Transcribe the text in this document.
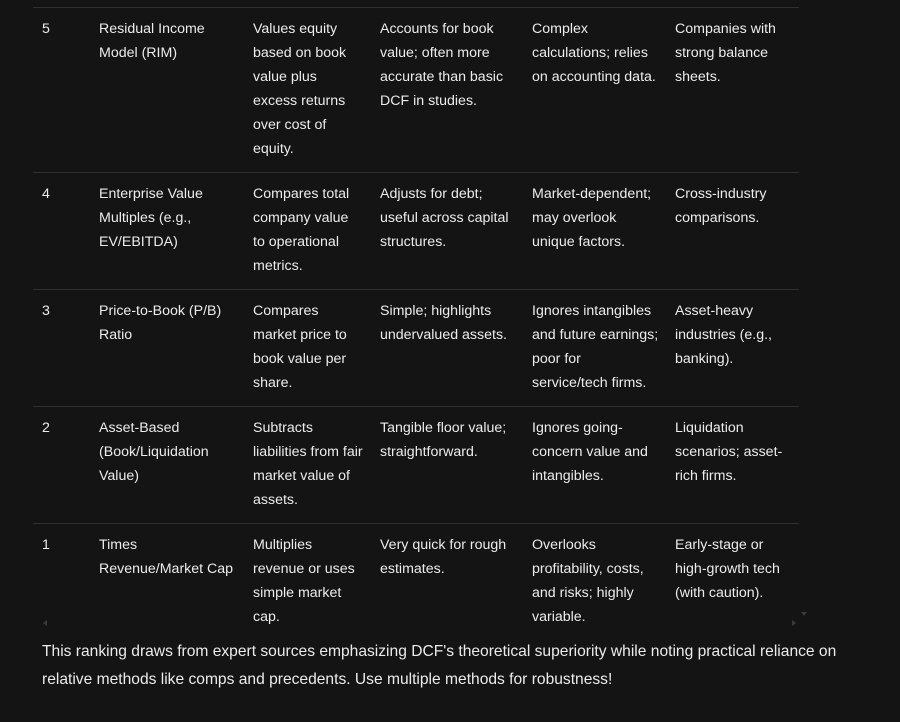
5	Residual Income Model (RIM)	Values equity based on book value plus excess returns over cost of equity.	Accounts for book value; often more accurate than basic DCF in studies.	Complex calculations; relies on accounting data.	Companies with strong balance sheets.
4	Enterprise Value Multiples (e.g., EV/EBITDA)	Compares total company value to operational metrics.	Adjusts for debt; useful across capital structures.	Market-dependent; may overlook unique factors.	Cross-industry comparisons.
3	Price-to-Book (P/B) Ratio	Compares market price to book value per share.	Simple; highlights undervalued assets.	Ignores intangibles and future earnings; poor for service/tech firms.	Asset-heavy industries (e.g., banking).
2	Asset-Based (Book/Liquidation Value)	Subtracts liabilities from fair market value of assets.	Tangible floor value; straightforward.	Ignores going-concern value and intangibles.	Liquidation scenarios; asset-rich firms.
1	Times Revenue/Market Cap	Multiplies revenue or uses simple market cap.	Very quick for rough estimates.	Overlooks profitability, costs, and risks; highly variable.	Early-stage or high-growth tech (with caution).

This ranking draws from expert sources emphasizing DCF's theoretical superiority while noting practical reliance on relative methods like comps and precedents. Use multiple methods for robustness!
